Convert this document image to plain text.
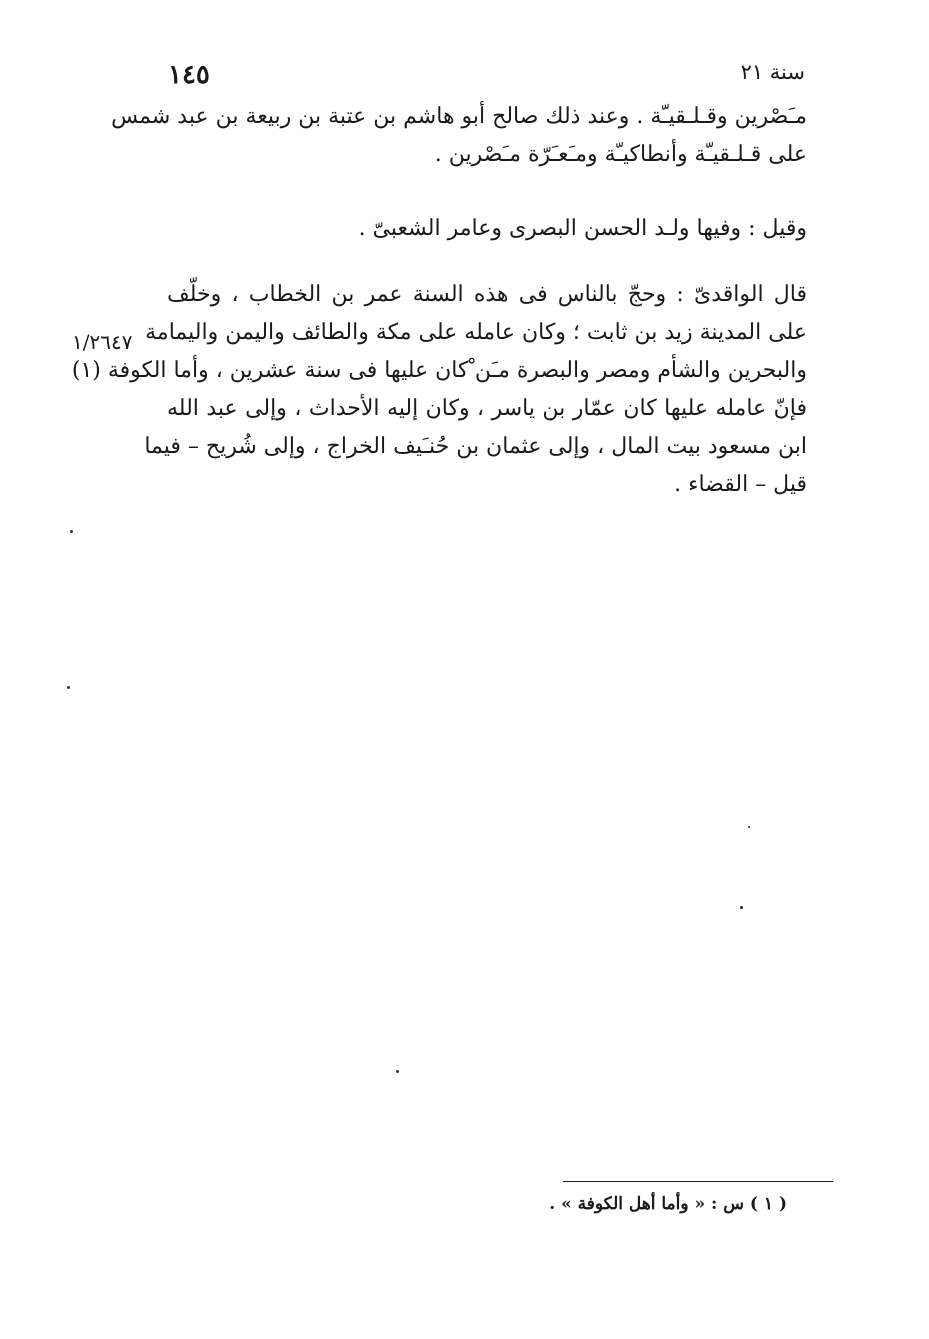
١٤٥	سنة ٢١
مـَصْرين وقـلـقيـّة . وعند ذلك صالح أبو هاشم بن عتبة بن ربيعة بن عبد شمس
على قـلـقيـّة وأنطاكيـّة ومـَعـَرّة مـَصْرين .
وقيل : وفيها ولـد الحسن البصرى وعامر الشعبىّ .
قال الواقدىّ : وحجّ بالناس فى هذه السنة عمر بن الخطاب ، وخلّف
على المدينة زيد بن ثابت ؛ وكان عامله على مكة والطائف واليمن واليمامة
والبحرين والشأم ومصر والبصرة مـَن ْكان عليها فى سنة عشرين ، وأما الكوفة (١)
فإنّ عامله عليها كان عمّار بن ياسر ، وكان إليه الأحداث ، وإلى عبد الله
ابن مسعود بيت المال ، وإلى عثمان بن حُنـَيف الخراج ، وإلى شُريح – فيما
قيل – القضاء .
١/٢٦٤٧
( ١ ) س : « وأما أهل الكوفة » .
